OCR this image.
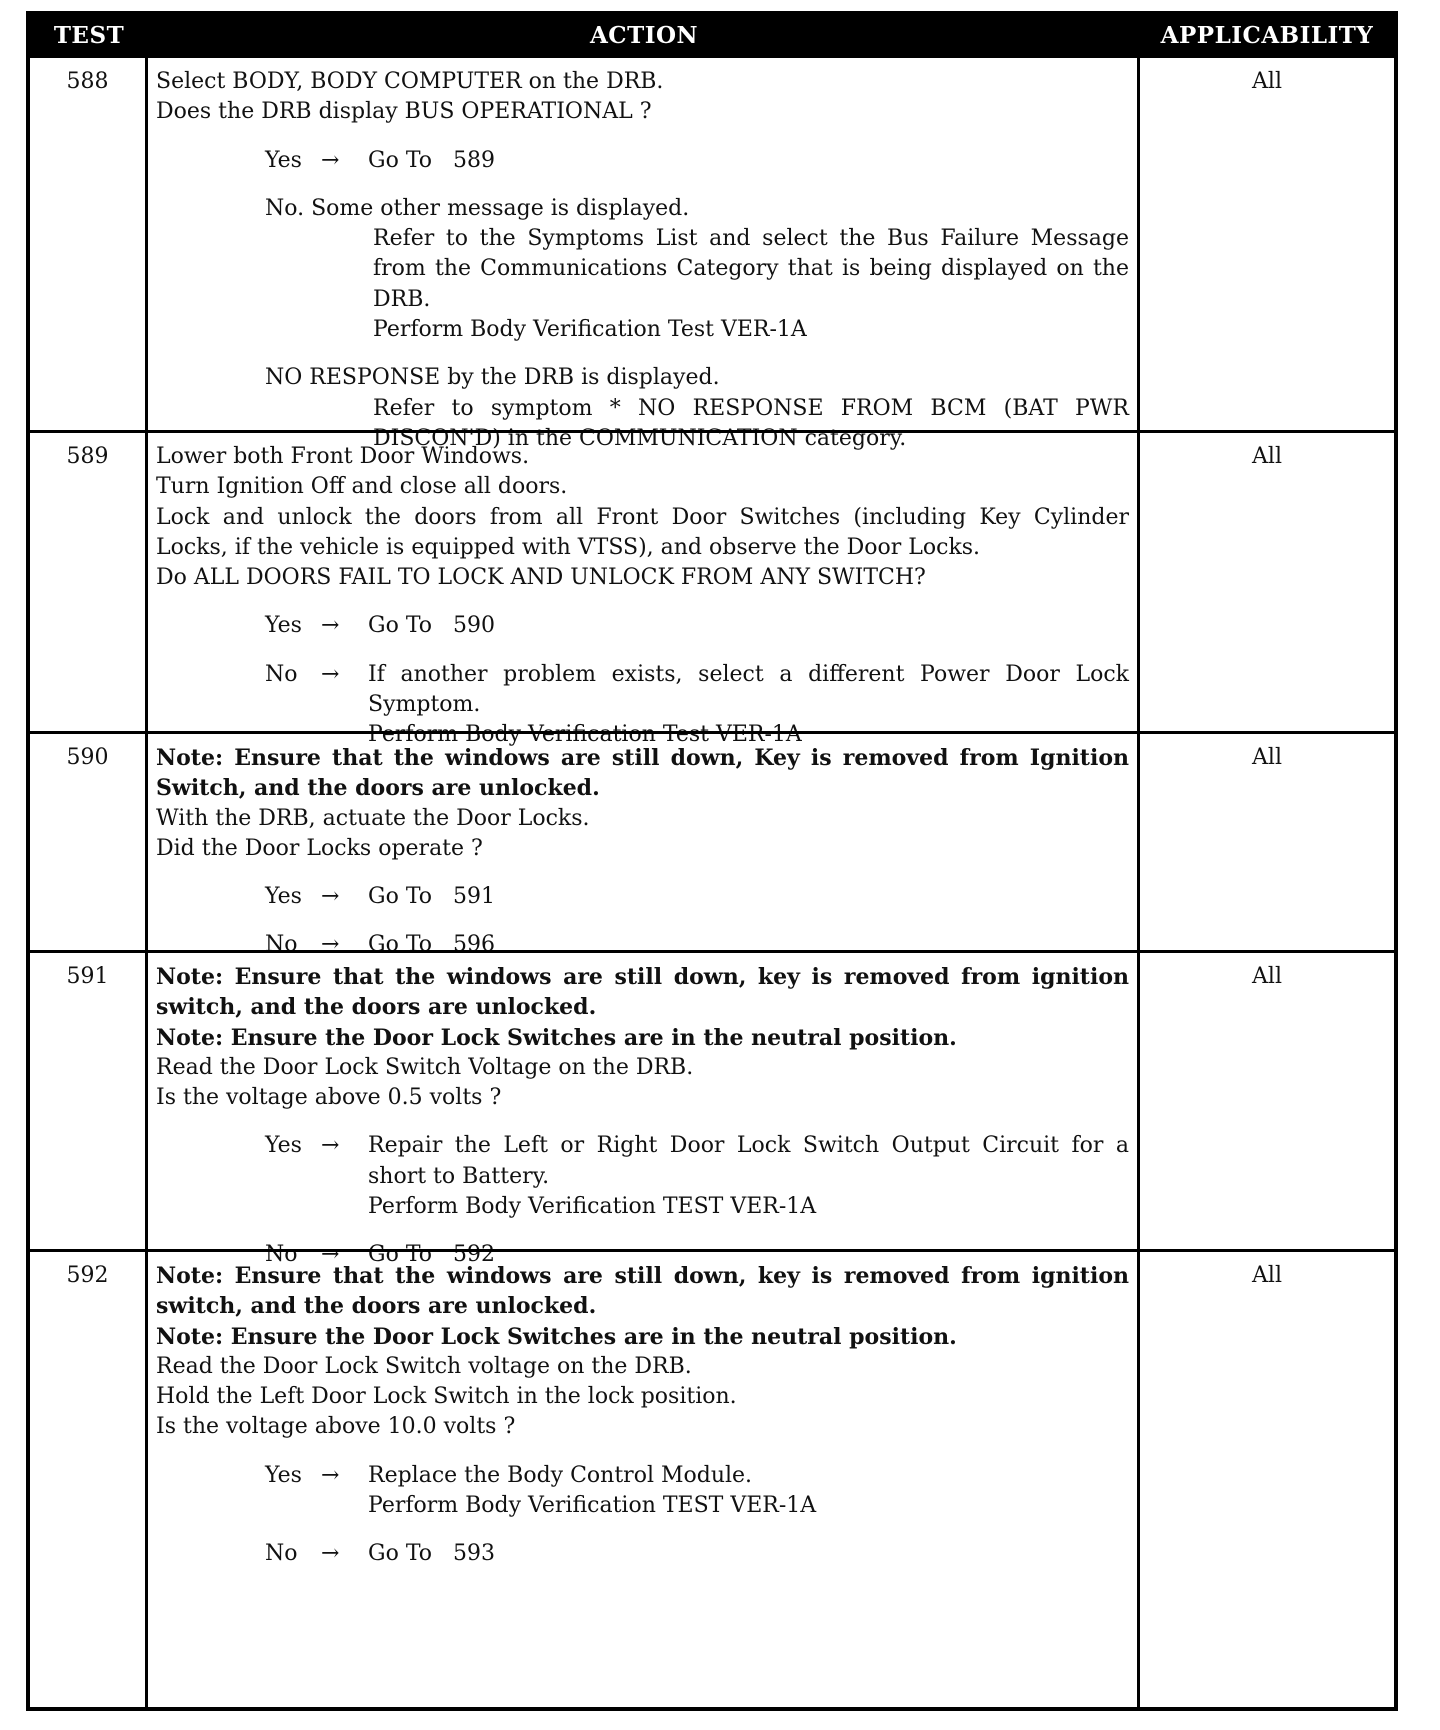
TEST	ACTION	APPLICABILITY
588	Select BODY, BODY COMPUTER on the DRB.

Does the DRB display BUS OPERATIONAL ?

Yes →	Go To   589

No. Some other message is displayed.

Refer to the Symptoms List and select the Bus Failure Message from the Communications Category that is being displayed on the DRB.

Perform Body Verification Test VER-1A

NO RESPONSE by the DRB is displayed.

Refer to symptom * NO RESPONSE FROM BCM (BAT PWR DISCON'D) in the COMMUNICATION category.

All
589	Lower both Front Door Windows.

Turn Ignition Off and close all doors.

Lock and unlock the doors from all Front Door Switches (including Key Cylinder Locks, if the vehicle is equipped with VTSS), and observe the Door Locks.

Do ALL DOORS FAIL TO LOCK AND UNLOCK FROM ANY SWITCH?

Yes →	Go To   590
No	→	If another problem exists, select a different Power Door Lock Symptom.
Perform Body Verification Test VER-1A
All
590	Note: Ensure that the windows are still down, Key is removed from Ignition Switch, and the doors are unlocked.

With the DRB, actuate the Door Locks.

Did the Door Locks operate ?

Yes →	Go To   591
No	→	Go To   596
All
591	Note: Ensure that the windows are still down, key is removed from ignition switch, and the doors are unlocked.

Note: Ensure the Door Lock Switches are in the neutral position.

Read the Door Lock Switch Voltage on the DRB.

Is the voltage above 0.5 volts ?

Yes →	Repair the Left or Right Door Lock Switch Output Circuit for a short to Battery.
Perform Body Verification TEST VER-1A
No	→	Go To   592
All
592	Note: Ensure that the windows are still down, key is removed from ignition switch, and the doors are unlocked.

Note: Ensure the Door Lock Switches are in the neutral position.

Read the Door Lock Switch voltage on the DRB.

Hold the Left Door Lock Switch in the lock position.

Is the voltage above 10.0 volts ?

Yes →	Replace the Body Control Module.
Perform Body Verification TEST VER-1A
No	→	Go To   593
All
